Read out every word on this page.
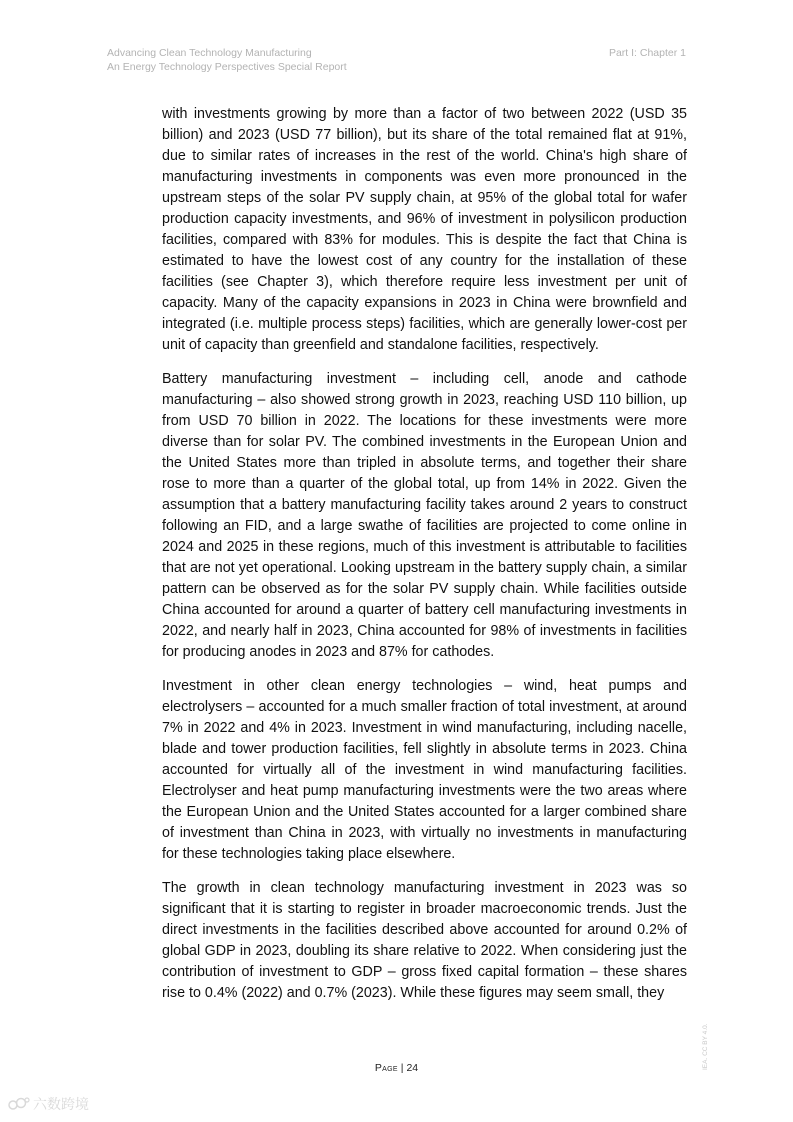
Advancing Clean Technology Manufacturing
An Energy Technology Perspectives Special Report
Part I: Chapter 1

with investments growing by more than a factor of two between 2022 (USD 35 billion) and 2023 (USD 77 billion), but its share of the total remained flat at 91%, due to similar rates of increases in the rest of the world. China's high share of manufacturing investments in components was even more pronounced in the upstream steps of the solar PV supply chain, at 95% of the global total for wafer production capacity investments, and 96% of investment in polysilicon production facilities, compared with 83% for modules. This is despite the fact that China is estimated to have the lowest cost of any country for the installation of these facilities (see Chapter 3), which therefore require less investment per unit of capacity. Many of the capacity expansions in 2023 in China were brownfield and integrated (i.e. multiple process steps) facilities, which are generally lower-cost per unit of capacity than greenfield and standalone facilities, respectively.

Battery manufacturing investment – including cell, anode and cathode manufacturing – also showed strong growth in 2023, reaching USD 110 billion, up from USD 70 billion in 2022. The locations for these investments were more diverse than for solar PV. The combined investments in the European Union and the United States more than tripled in absolute terms, and together their share rose to more than a quarter of the global total, up from 14% in 2022. Given the assumption that a battery manufacturing facility takes around 2 years to construct following an FID, and a large swathe of facilities are projected to come online in 2024 and 2025 in these regions, much of this investment is attributable to facilities that are not yet operational. Looking upstream in the battery supply chain, a similar pattern can be observed as for the solar PV supply chain. While facilities outside China accounted for around a quarter of battery cell manufacturing investments in 2022, and nearly half in 2023, China accounted for 98% of investments in facilities for producing anodes in 2023 and 87% for cathodes.

Investment in other clean energy technologies – wind, heat pumps and electrolysers – accounted for a much smaller fraction of total investment, at around 7% in 2022 and 4% in 2023. Investment in wind manufacturing, including nacelle, blade and tower production facilities, fell slightly in absolute terms in 2023. China accounted for virtually all of the investment in wind manufacturing facilities. Electrolyser and heat pump manufacturing investments were the two areas where the European Union and the United States accounted for a larger combined share of investment than China in 2023, with virtually no investments in manufacturing for these technologies taking place elsewhere.

The growth in clean technology manufacturing investment in 2023 was so significant that it is starting to register in broader macroeconomic trends. Just the direct investments in the facilities described above accounted for around 0.2% of global GDP in 2023, doubling its share relative to 2022. When considering just the contribution of investment to GDP – gross fixed capital formation – these shares rise to 0.4% (2022) and 0.7% (2023). While these figures may seem small, they

Page | 24	IEA. CC BY 4.0.
六数跨境
